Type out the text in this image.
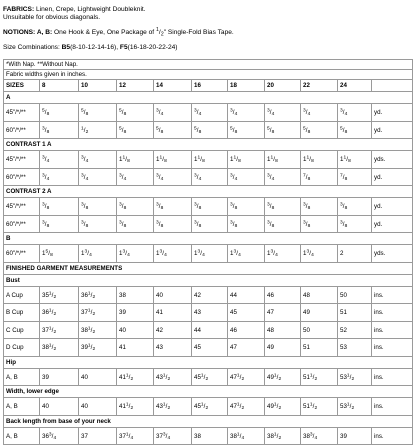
FABRICS: Linen, Crepe, Lightweight Doubleknit.

Unsuitable for obvious diagonals.

NOTIONS: A, B: One Hook & Eye, One Package of $^1/_2$" Single-Fold Bias Tape.

Size Combinations: B5(8-10-12-14-16), F5(16-18-20-22-24)

*With Nap. **Without Nap.										
Fabric widths given in inches.										
SIZES	8	10	12	14	16	18	20	22	24	
A										
45"/*/**	$^5/_8$	$^5/_8$	$^5/_8$	$^3/_4$	$^3/_4$	$^3/_4$	$^3/_4$	$^3/_4$	$^3/_4$	yd.
60"/*/**	$^3/_8$	$^1/_2$	$^5/_8$	$^5/_8$	$^5/_8$	$^5/_8$	$^5/_8$	$^5/_8$	$^5/_8$	yd.
CONTRAST 1 A										
45"/*/**	$^3/_4$	$^3/_4$	$1^1/_8$	$1^1/_8$	$1^1/_8$	$1^1/_8$	$1^1/_8$	$1^1/_8$	$1^1/_8$	yds.
60"/*/**	$^3/_4$	$^3/_4$	$^3/_4$	$^3/_4$	$^3/_4$	$^3/_4$	$^3/_4$	$^7/_8$	$^7/_8$	yd.
CONTRAST 2 A										
45"/*/**	$^3/_8$	$^3/_8$	$^3/_8$	$^3/_8$	$^3/_8$	$^3/_8$	$^3/_8$	$^3/_8$	$^3/_8$	yd.
60"/*/**	$^3/_8$	$^3/_8$	$^3/_8$	$^3/_8$	$^3/_8$	$^3/_8$	$^3/_8$	$^3/_8$	$^3/_8$	yd.
B										
60"/*/**	$1^5/_8$	$1^3/_4$	$1^3/_4$	$1^3/_4$	$1^3/_4$	$1^3/_4$	$1^3/_4$	$1^3/_4$	2	yds.
FINISHED GARMENT MEASUREMENTS										
Bust										
A Cup	$35^1/_2$	$36^1/_2$	38	40	42	44	46	48	50	ins.
B Cup	$36^1/_2$	$37^1/_2$	39	41	43	45	47	49	51	ins.
C Cup	$37^1/_2$	$38^1/_2$	40	42	44	46	48	50	52	ins.
D Cup	$38^1/_2$	$39^1/_2$	41	43	45	47	49	51	53	ins.
Hip										
A, B	39	40	$41^1/_2$	$43^1/_2$	$45^1/_2$	$47^1/_2$	$49^1/_2$	$51^1/_2$	$53^1/_2$	ins.
Width, lower edge										
A, B	40	40	$41^1/_2$	$43^1/_2$	$45^1/_2$	$47^1/_2$	$49^1/_2$	$51^1/_2$	$53^1/_2$	ins.
Back length from base of your neck										
A, B	$36^3/_4$	37	$37^1/_4$	$37^3/_4$	38	$38^1/_4$	$38^1/_2$	$38^3/_4$	39	ins.
